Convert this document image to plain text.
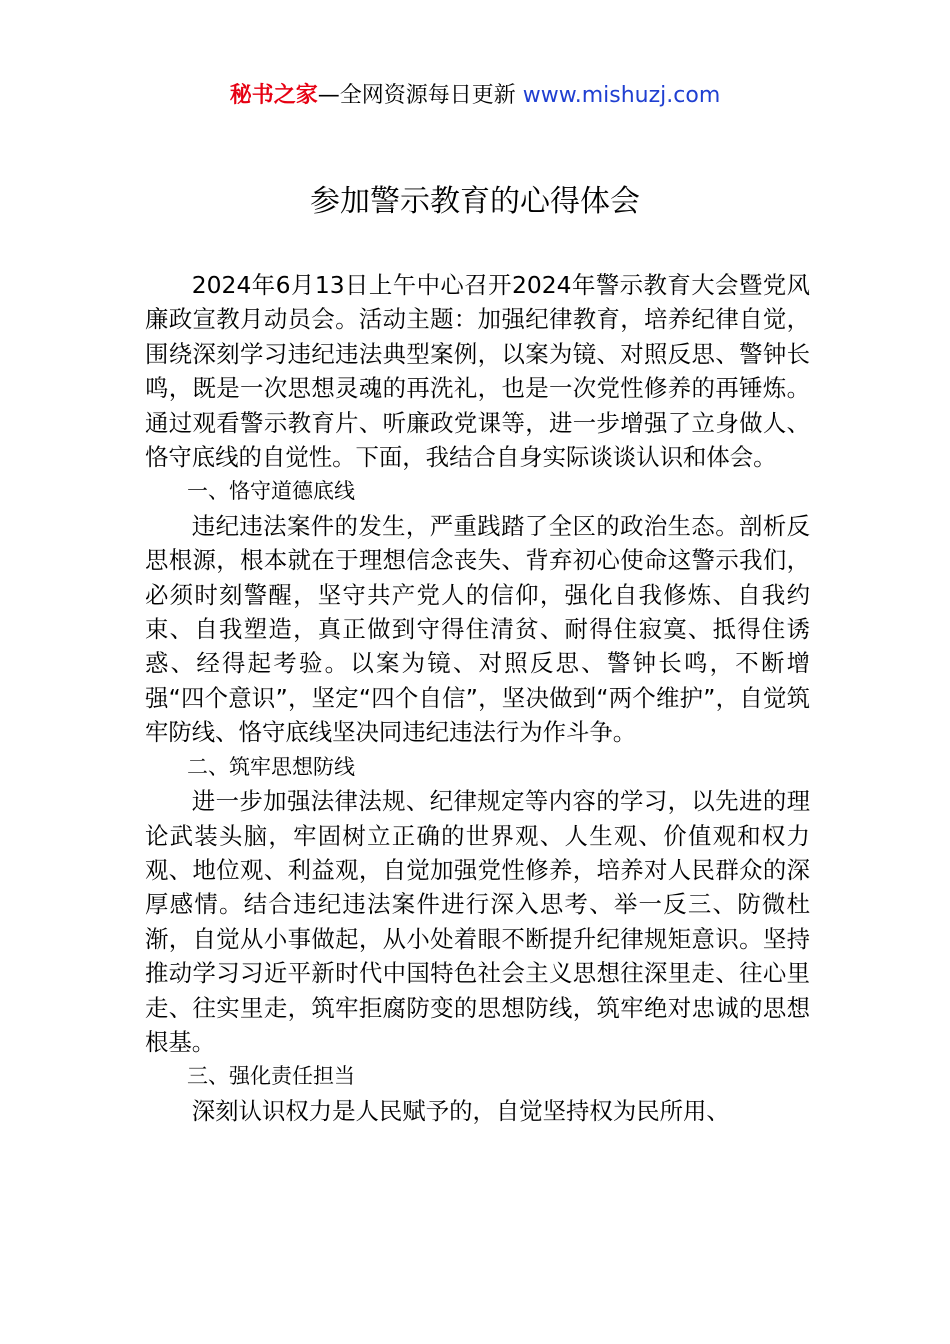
秘书之家—全网资源每日更新 www.mishuzj.com
参加警示教育的心得体会

2024年6月13日上午中心召开2024年警示教育大会暨党风廉政宣教月动员会。活动主题：加强纪律教育，培养纪律自觉，围绕深刻学习违纪违法典型案例，以案为镜、对照反思、警钟长鸣，既是一次思想灵魂的再洗礼，也是一次党性修养的再锤炼。通过观看警示教育片、听廉政党课等，进一步增强了立身做人、恪守底线的自觉性。下面，我结合自身实际谈谈认识和体会。

一、恪守道德底线

违纪违法案件的发生，严重践踏了全区的政治生态。剖析反思根源，根本就在于理想信念丧失、背弃初心使命这警示我们，必须时刻警醒，坚守共产党人的信仰，强化自我修炼、自我约束、自我塑造，真正做到守得住清贫、耐得住寂寞、抵得住诱惑、经得起考验。以案为镜、对照反思、警钟长鸣，不断增强“四个意识”，坚定“四个自信”，坚决做到“两个维护”，自觉筑牢防线、恪守底线坚决同违纪违法行为作斗争。

二、筑牢思想防线

进一步加强法律法规、纪律规定等内容的学习，以先进的理论武装头脑，牢固树立正确的世界观、人生观、价值观和权力观、地位观、利益观，自觉加强党性修养，培养对人民群众的深厚感情。结合违纪违法案件进行深入思考、举一反三、防微杜渐，自觉从小事做起，从小处着眼不断提升纪律规矩意识。坚持推动学习习近平新时代中国特色社会主义思想往深里走、往心里走、往实里走，筑牢拒腐防变的思想防线，筑牢绝对忠诚的思想根基。

三、强化责任担当

深刻认识权力是人民赋予的，自觉坚持权为民所用、
